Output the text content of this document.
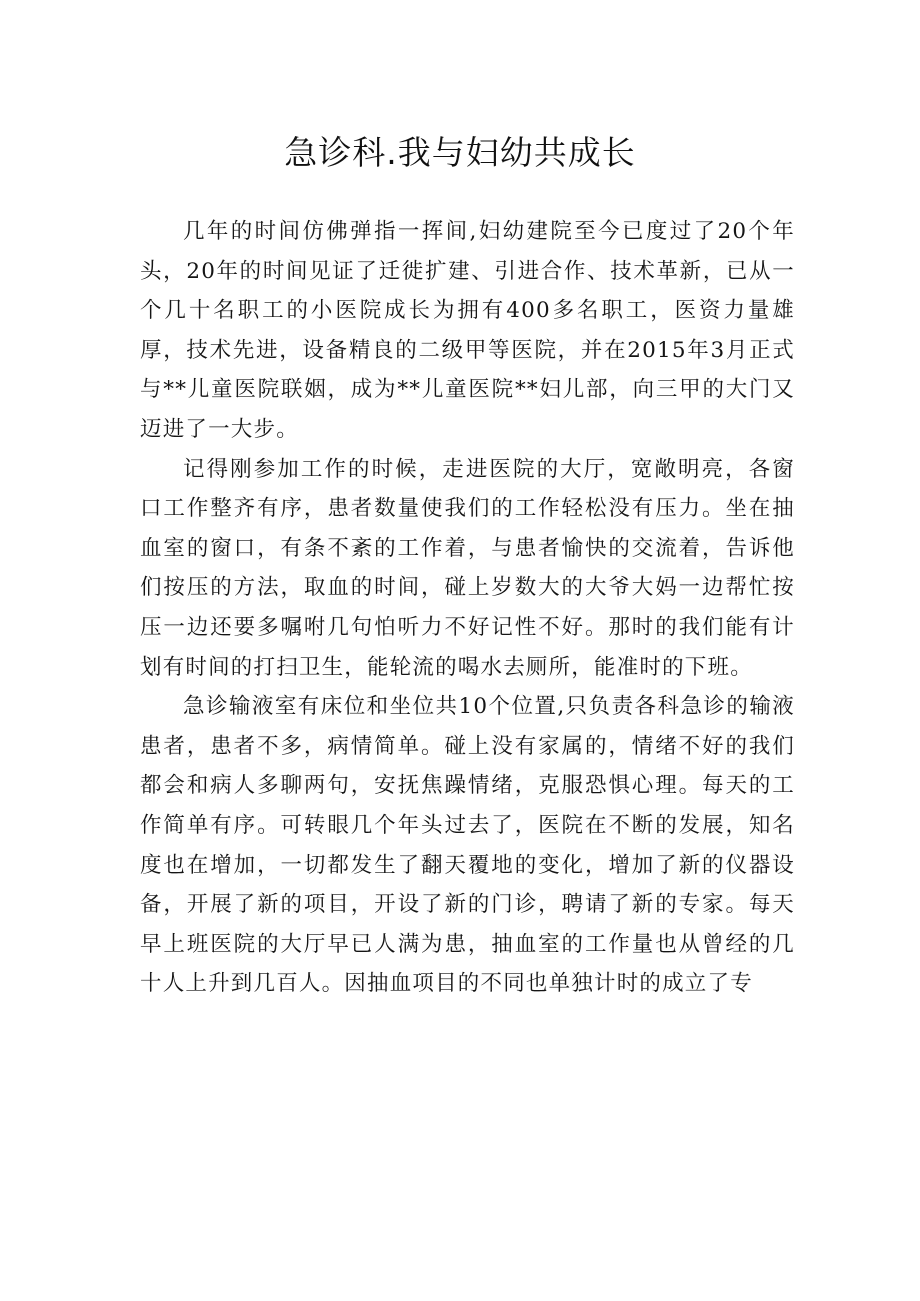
急诊科.我与妇幼共成长

几年的时间仿佛弹指一挥间,妇幼建院至今已度过了20个年头，20年的时间见证了迁徙扩建、引进合作、技术革新，已从一个几十名职工的小医院成长为拥有400多名职工，医资力量雄厚，技术先进，设备精良的二级甲等医院，并在2015年3月正式与**儿童医院联姻，成为**儿童医院**妇儿部，向三甲的大门又迈进了一大步。

记得刚参加工作的时候，走进医院的大厅，宽敞明亮，各窗口工作整齐有序，患者数量使我们的工作轻松没有压力。坐在抽血室的窗口，有条不紊的工作着，与患者愉快的交流着，告诉他们按压的方法，取血的时间，碰上岁数大的大爷大妈一边帮忙按压一边还要多嘱咐几句怕听力不好记性不好。那时的我们能有计划有时间的打扫卫生，能轮流的喝水去厕所，能准时的下班。

急诊输液室有床位和坐位共10个位置,只负责各科急诊的输液患者，患者不多，病情简单。碰上没有家属的，情绪不好的我们都会和病人多聊两句，安抚焦躁情绪，克服恐惧心理。每天的工作简单有序。可转眼几个年头过去了，医院在不断的发展，知名度也在增加，一切都发生了翻天覆地的变化，增加了新的仪器设备，开展了新的项目，开设了新的门诊，聘请了新的专家。每天早上班医院的大厅早已人满为患，抽血室的工作量也从曾经的几十人上升到几百人。因抽血项目的不同也单独计时的成立了专
